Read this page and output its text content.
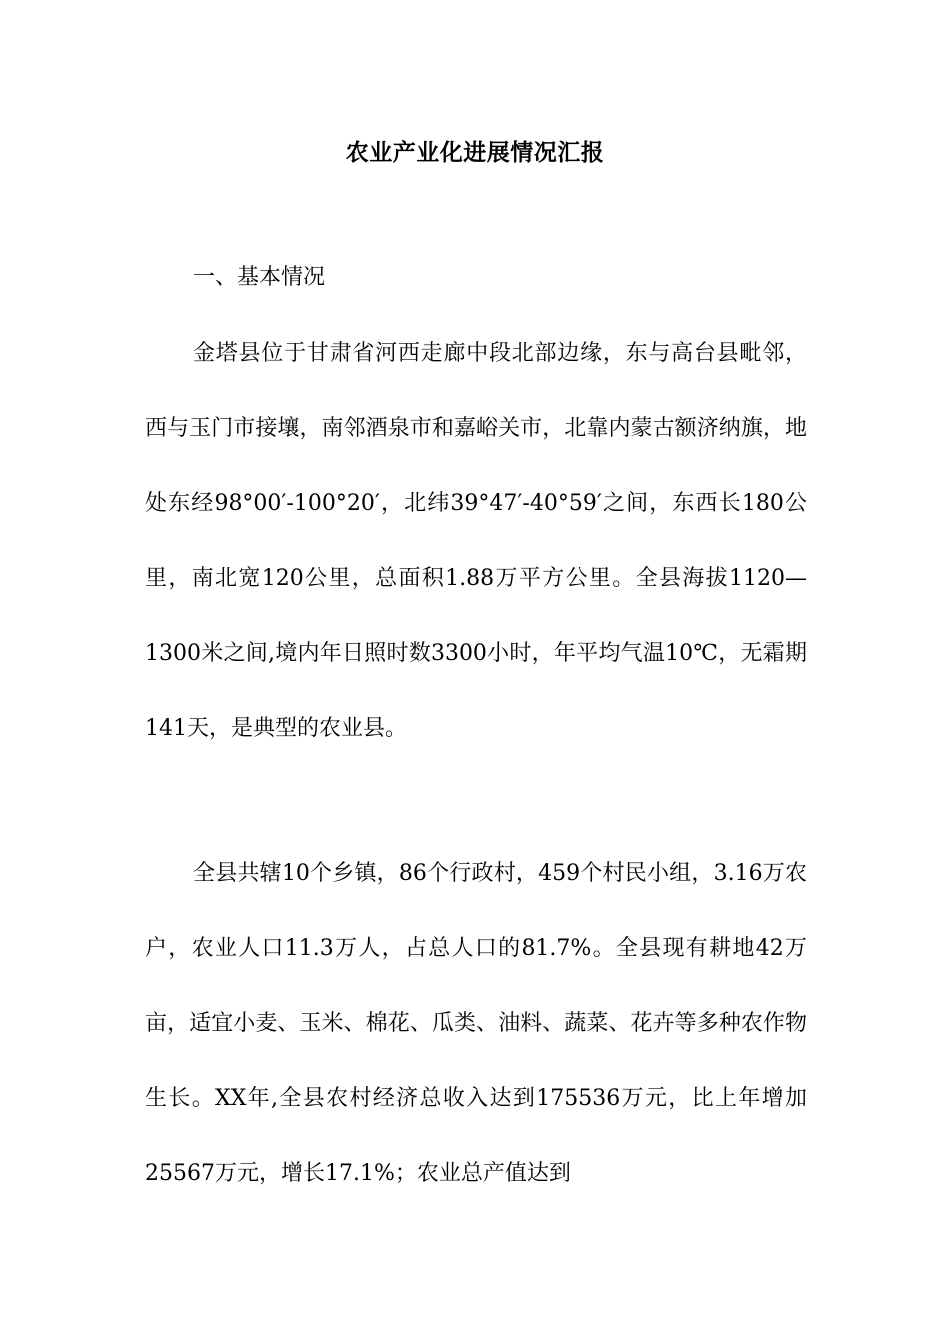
农业产业化进展情况汇报

一、基本情况

金塔县位于甘肃省河西走廊中段北部边缘，东与高台县毗邻，西与玉门市接壤，南邻酒泉市和嘉峪关市，北靠内蒙古额济纳旗，地处东经98°00′-100°20′，北纬39°47′-40°59′之间，东西长180公里，南北宽120公里，总面积1.88万平方公里。全县海拔1120—1300米之间,境内年日照时数3300小时，年平均气温10℃，无霜期141天，是典型的农业县。

全县共辖10个乡镇，86个行政村，459个村民小组，3.16万农户，农业人口11.3万人，占总人口的81.7%。全县现有耕地42万亩，适宜小麦、玉米、棉花、瓜类、油料、蔬菜、花卉等多种农作物生长。XX年,全县农村经济总收入达到175536万元，比上年增加25567万元，增长17.1%；农业总产值达到
